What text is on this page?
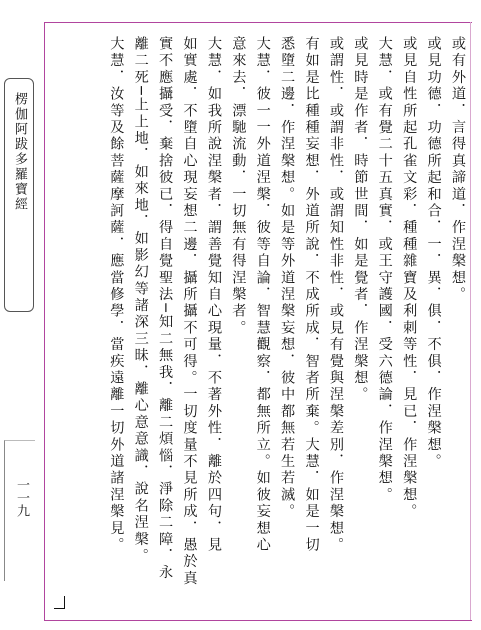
楞伽阿跋多羅寶經
一一九
或有外道．言得真諦道．作涅槃想。
或見功德．功德所起和合．一．異．俱．不俱．作涅槃想。
或見自性所起孔雀文彩．種種雜寶及利刺等性．見已．作涅槃想。
大慧．或有覺二十五真實．或王守護國．受六德論．作涅槃想。
或見時是作者．時節世間．如是覺者．作涅槃想。
或謂性．或謂非性．或謂知性非性．或見有覺與涅槃差別．作涅槃想。
有如是比種種妄想．外道所說．不成所成．智者所棄。大慧．如是一切
悉墮二邊．作涅槃想。如是等外道涅槃妄想．彼中都無若生若滅。
大慧．彼一一外道涅槃．彼等自論．智慧觀察．都無所立。如彼妄想心
意來去．漂馳流動．一切無有得涅槃者。
大慧．如我所說涅槃者．謂善覺知自心現量．不著外性．離於四句．見
如實處．不墮自心現妄想二邊．攝所攝不可得。一切度量不見所成．愚於真
實不應攝受．棄捨彼已．得自覺聖法─知二無我．離二煩惱．淨除二障．永
離二死─上上地．如來地．如影幻等諸深三昧．離心意意識．說名涅槃。
大慧．汝等及餘菩薩摩訶薩．應當修學．當疾遠離一切外道諸涅槃見。
